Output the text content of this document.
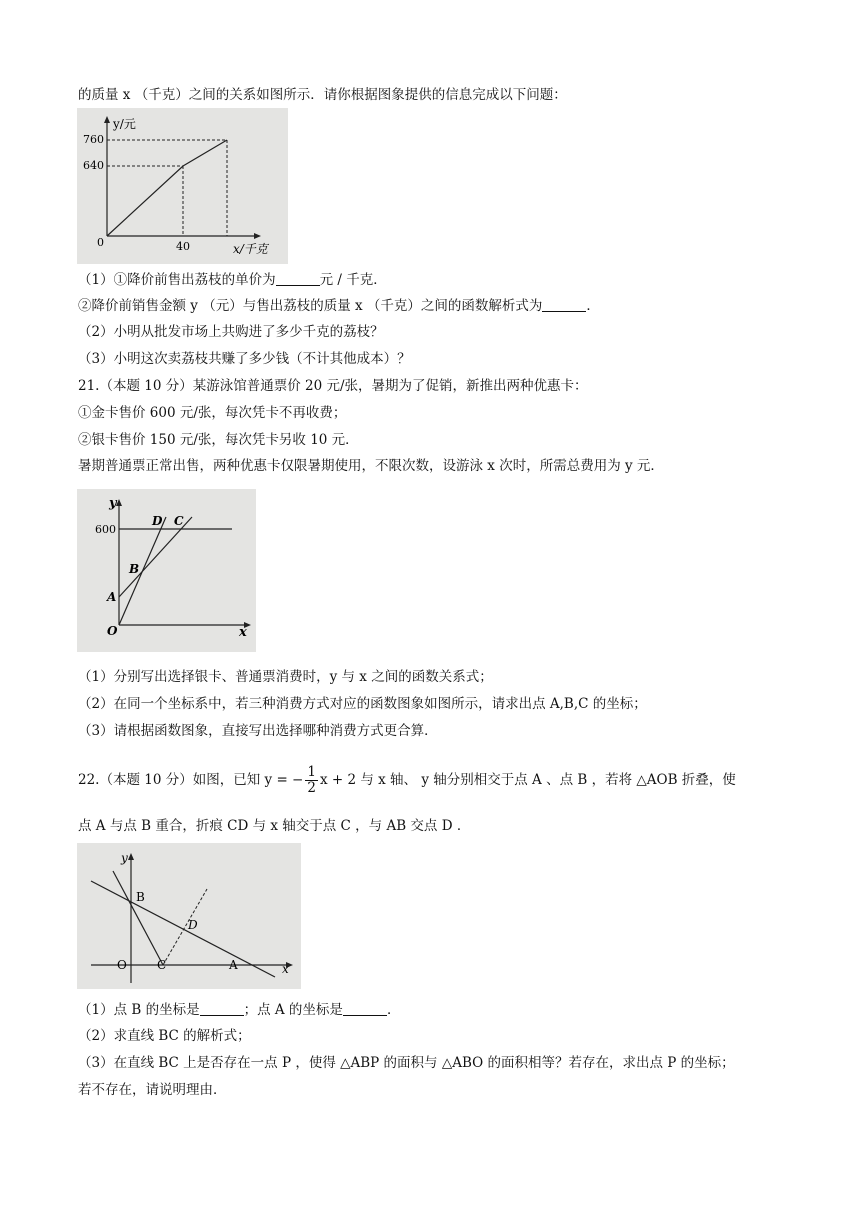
的质量 x （千克）之间的关系如图所示．请你根据图象提供的信息完成以下问题：
y/元
760
640
40
0	x/千克
（1）①降价前售出荔枝的单价为	元 / 千克．
②降价前销售金额 y （元）与售出荔枝的质量 x （千克）之间的函数解析式为	．
（2）小明从批发市场上共购进了多少千克的荔枝？
（3）小明这次卖荔枝共赚了多少钱（不计其他成本）？
21.（本题 10 分）某游泳馆普通票价 20 元/张，暑期为了促销，新推出两种优惠卡：
①金卡售价 600 元/张，每次凭卡不再收费；
②银卡售价 150 元/张，每次凭卡另收 10 元．
暑期普通票正常出售，两种优惠卡仅限暑期使用，不限次数，设游泳 x 次时，所需总费用为 y 元．
y
600
O
A
B
C
D
x
（1）分别写出选择银卡、普通票消费时，y 与 x 之间的函数关系式；
（2）在同一个坐标系中，若三种消费方式对应的函数图象如图所示，请求出点 A,B,C 的坐标；
（3）请根据函数图象，直接写出选择哪种消费方式更合算．
22.（本题 10 分）如图，已知 y = − $\frac{1}{2}$ x + 2 与 x 轴、 y 轴分别相交于点 A 、点 B ，若将 △AOB 折叠，使
点 A 与点 B 重合，折痕 CD 与 x 轴交于点 C ，与 AB 交点 D ．
y
B
D
O	C	A	x
（1）点 B 的坐标是	；点 A 的坐标是	．
（2）求直线 BC 的解析式；
（3）在直线 BC 上是否存在一点 P ，使得 △ABP 的面积与 △ABO 的面积相等？若存在，求出点 P 的坐标；
若不存在，请说明理由．
